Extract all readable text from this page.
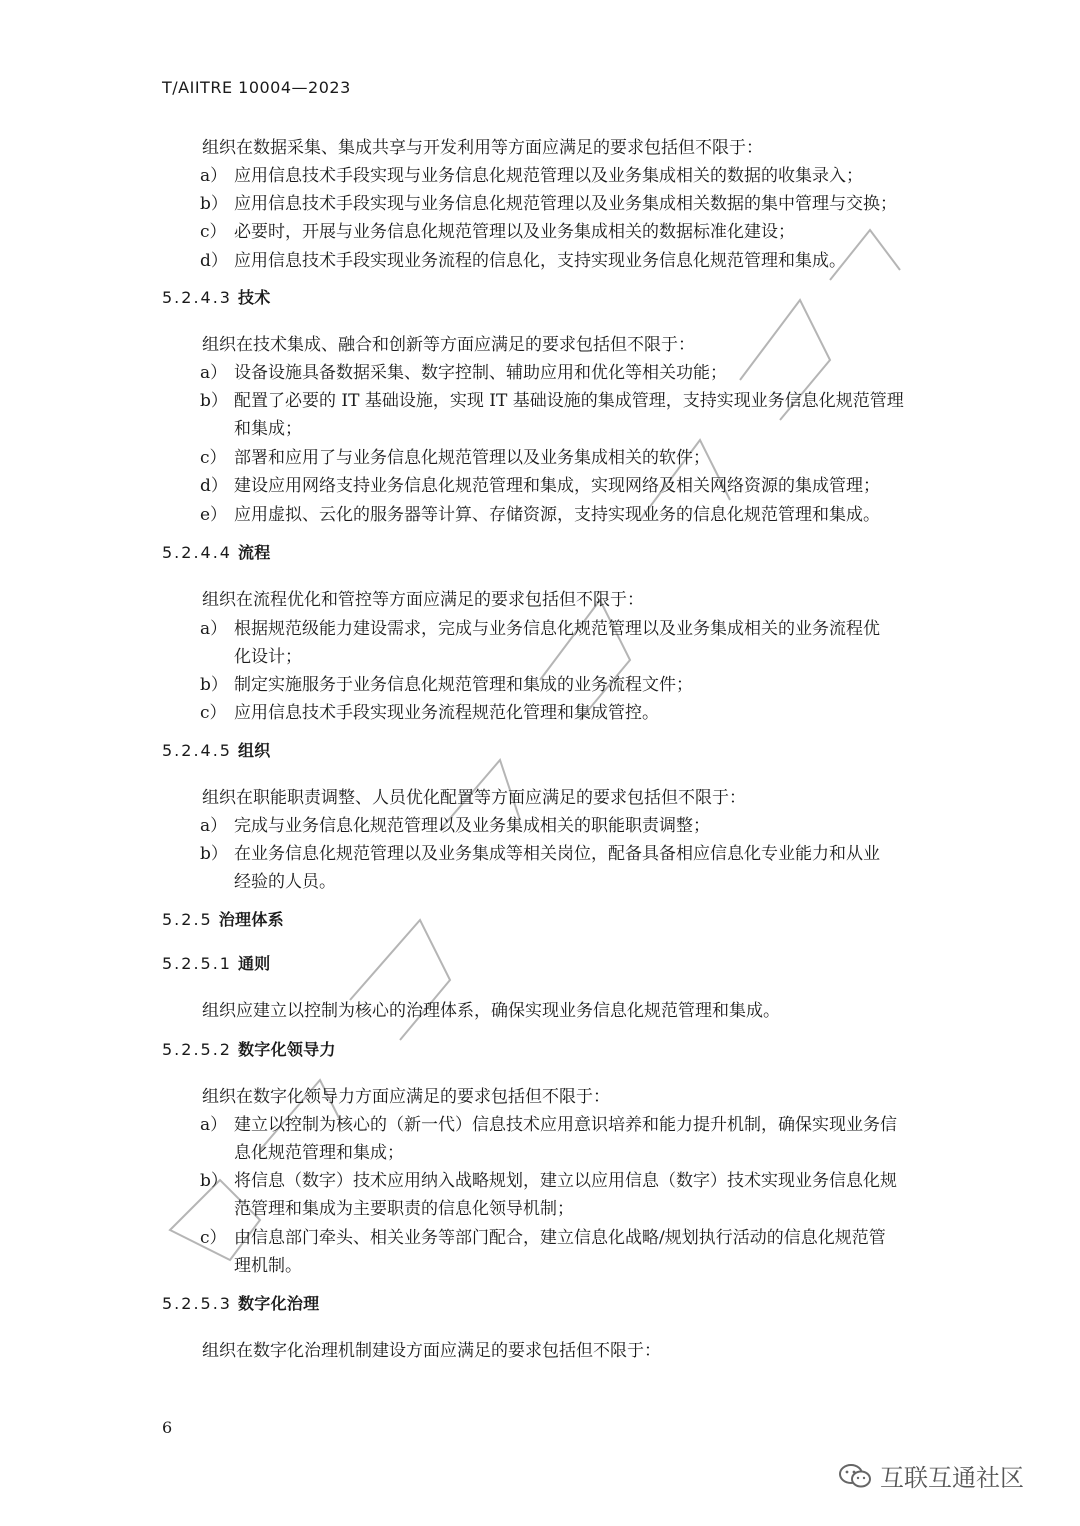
T/AIITRE 10004—2023
组织在数据采集、集成共享与开发利用等方面应满足的要求包括但不限于：
a） 应用信息技术手段实现与业务信息化规范管理以及业务集成相关的数据的收集录入；
b） 应用信息技术手段实现与业务信息化规范管理以及业务集成相关数据的集中管理与交换；
c） 必要时，开展与业务信息化规范管理以及业务集成相关的数据标准化建设；
d） 应用信息技术手段实现业务流程的信息化，支持实现业务信息化规范管理和集成。
5.2.4.3 技术
组织在技术集成、融合和创新等方面应满足的要求包括但不限于：
a） 设备设施具备数据采集、数字控制、辅助应用和优化等相关功能；
b） 配置了必要的 IT 基础设施，实现 IT 基础设施的集成管理，支持实现业务信息化规范管理
和集成；
c） 部署和应用了与业务信息化规范管理以及业务集成相关的软件；
d） 建设应用网络支持业务信息化规范管理和集成，实现网络及相关网络资源的集成管理；
e） 应用虚拟、云化的服务器等计算、存储资源，支持实现业务的信息化规范管理和集成。
5.2.4.4 流程
组织在流程优化和管控等方面应满足的要求包括但不限于：
a） 根据规范级能力建设需求，完成与业务信息化规范管理以及业务集成相关的业务流程优
化设计；
b） 制定实施服务于业务信息化规范管理和集成的业务流程文件；
c） 应用信息技术手段实现业务流程规范化管理和集成管控。
5.2.4.5 组织
组织在职能职责调整、人员优化配置等方面应满足的要求包括但不限于：
a） 完成与业务信息化规范管理以及业务集成相关的职能职责调整；
b） 在业务信息化规范管理以及业务集成等相关岗位，配备具备相应信息化专业能力和从业
经验的人员。
5.2.5 治理体系
5.2.5.1 通则
组织应建立以控制为核心的治理体系，确保实现业务信息化规范管理和集成。
5.2.5.2 数字化领导力
组织在数字化领导力方面应满足的要求包括但不限于：
a） 建立以控制为核心的（新一代）信息技术应用意识培养和能力提升机制，确保实现业务信
息化规范管理和集成；
b） 将信息（数字）技术应用纳入战略规划，建立以应用信息（数字）技术实现业务信息化规
范管理和集成为主要职责的信息化领导机制；
c） 由信息部门牵头、相关业务等部门配合，建立信息化战略/规划执行活动的信息化规范管
理机制。
5.2.5.3 数字化治理
组织在数字化治理机制建设方面应满足的要求包括但不限于：
6
互联互通社区
